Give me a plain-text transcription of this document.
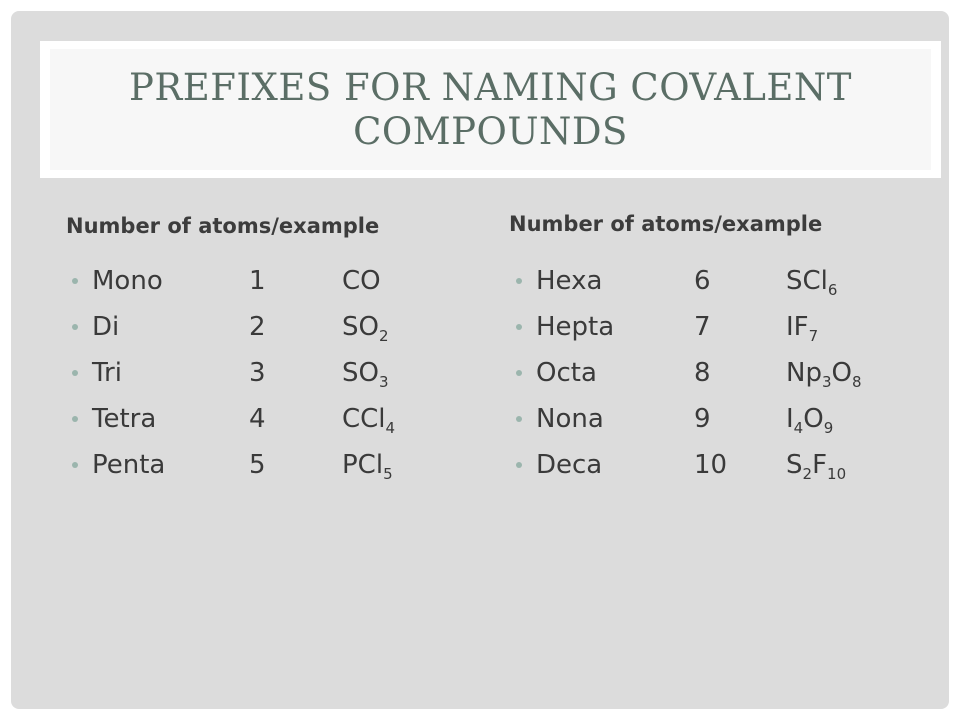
PREFIXES FOR NAMING COVALENT COMPOUNDS
Number of atoms/example	Number of atoms/example
Mono	1	CO
Di	2	$SO_2$
Tri	3	$SO_3$
Tetra	4	CCl$_4$
Penta	5	PCl$_5$
Hexa	6	SCl$_6$
Hepta	7	$IF_7$
Octa	8	$Np_3O_8$
Nona	9	$I_4O_9$
Deca	10 $S_2F_{10}$
